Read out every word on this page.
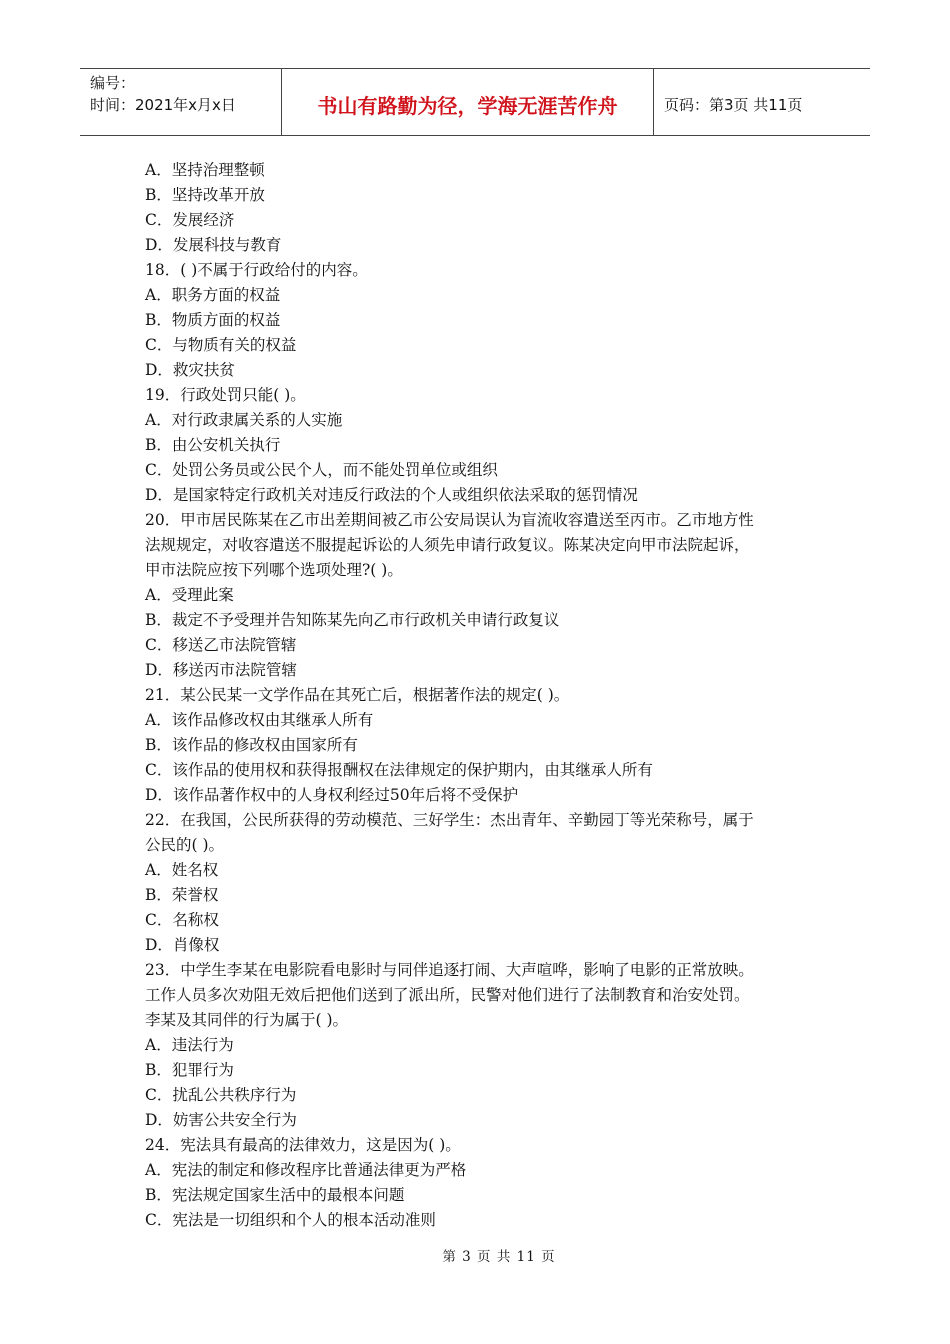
编号：
时间：2021年x月x日	书山有路勤为径，学海无涯苦作舟	页码：第3页 共11页
A．坚持治理整顿
B．坚持改革开放
C．发展经济
D．发展科技与教育
18．( )不属于行政给付的内容。
A．职务方面的权益
B．物质方面的权益
C．与物质有关的权益
D．救灾扶贫
19．行政处罚只能( )。
A．对行政隶属关系的人实施
B．由公安机关执行
C．处罚公务员或公民个人，而不能处罚单位或组织
D．是国家特定行政机关对违反行政法的个人或组织依法采取的惩罚情况
20．甲市居民陈某在乙市出差期间被乙市公安局误认为盲流收容遣送至丙市。乙市地方性
法规规定，对收容遣送不服提起诉讼的人须先申请行政复议。陈某决定向甲市法院起诉，
甲市法院应按下列哪个选项处理?( )。
A．受理此案
B．裁定不予受理并告知陈某先向乙市行政机关申请行政复议
C．移送乙市法院管辖
D．移送丙市法院管辖
21．某公民某一文学作品在其死亡后，根据著作法的规定( )。
A．该作品修改权由其继承人所有
B．该作品的修改权由国家所有
C．该作品的使用权和获得报酬权在法律规定的保护期内，由其继承人所有
D．该作品著作权中的人身权利经过50年后将不受保护
22．在我国，公民所获得的劳动模范、三好学生：杰出青年、辛勤园丁等光荣称号，属于
公民的( )。
A．姓名权
B．荣誉权
C．名称权
D．肖像权
23．中学生李某在电影院看电影时与同伴追逐打闹、大声喧哗，影响了电影的正常放映。
工作人员多次劝阻无效后把他们送到了派出所，民警对他们进行了法制教育和治安处罚。
李某及其同伴的行为属于( )。
A．违法行为
B．犯罪行为
C．扰乱公共秩序行为
D．妨害公共安全行为
24．宪法具有最高的法律效力，这是因为( )。
A．宪法的制定和修改程序比普通法律更为严格
B．宪法规定国家生活中的最根本问题
C．宪法是一切组织和个人的根本活动准则
第 3 页 共 11 页
